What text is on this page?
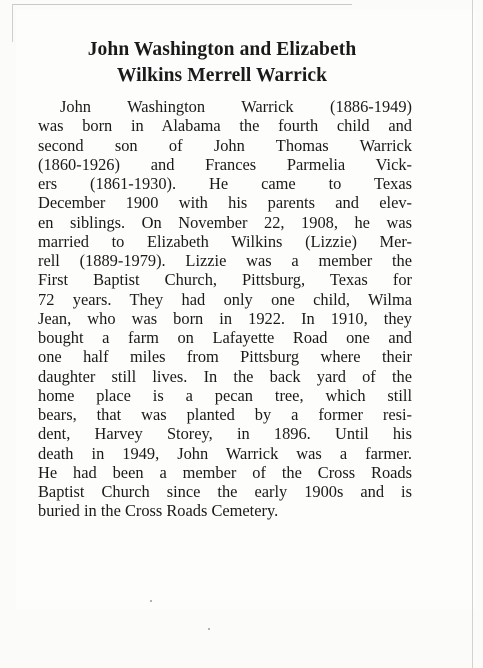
John Washington and Elizabeth
Wilkins Merrell Warrick
John Washington Warrick (1886-1949)
was born in Alabama the fourth child and
second son of John Thomas Warrick
(1860-1926) and Frances Parmelia Vick-
ers (1861-1930). He came to Texas
December 1900 with his parents and elev-
en siblings. On November 22, 1908, he was
married to Elizabeth Wilkins (Lizzie) Mer-
rell (1889-1979). Lizzie was a member the
First Baptist Church, Pittsburg, Texas for
72 years. They had only one child, Wilma
Jean, who was born in 1922. In 1910, they
bought a farm on Lafayette Road one and
one half miles from Pittsburg where their
daughter still lives. In the back yard of the
home place is a pecan tree, which still
bears, that was planted by a former resi-
dent, Harvey Storey, in 1896. Until his
death in 1949, John Warrick was a farmer.
He had been a member of the Cross Roads
Baptist Church since the early 1900s and is
buried in the Cross Roads Cemetery.
